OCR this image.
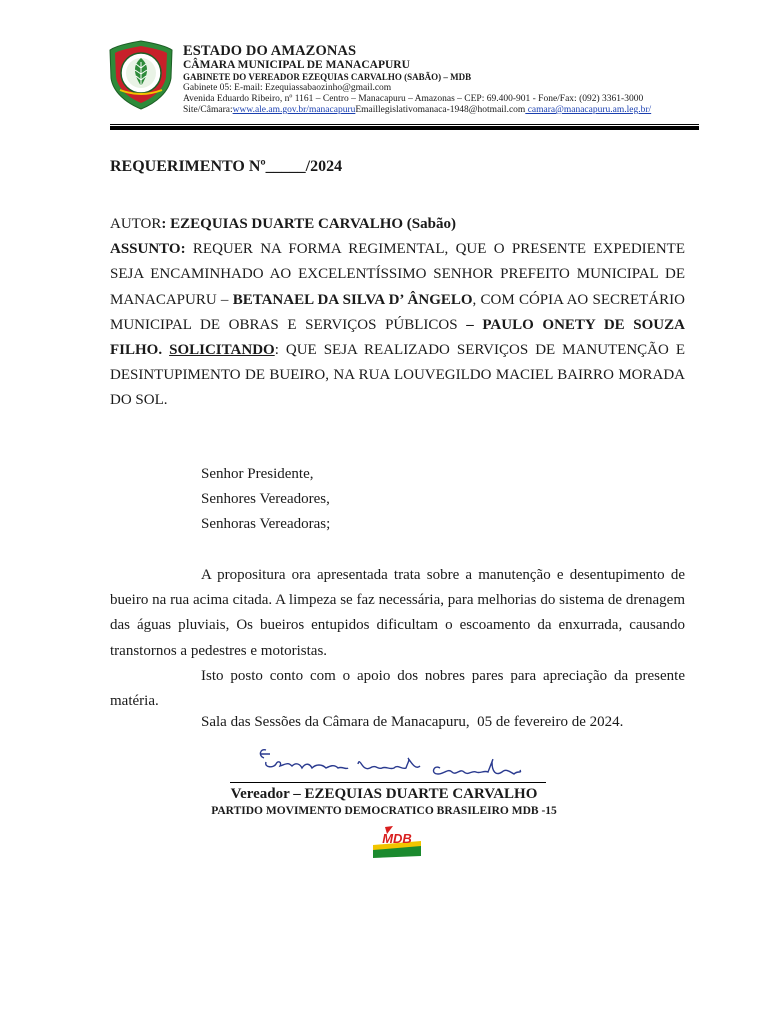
ESTADO DO AMAZONAS
CÂMARA MUNICIPAL DE MANACAPURU
GABINETE DO VEREADOR EZEQUIAS CARVALHO (SABÃO) – MDB
Gabinete 05: E-mail: Ezequiassabaozinho@gmail.com
Avenida Eduardo Ribeiro, nº 1161 – Centro – Manacapuru – Amazonas – CEP: 69.400-901 - Fone/Fax: (092) 3361-3000
Site/Câmara:www.ale.am.gov.br/manacapuruEmaillegislativomanaca-1948@hotmail.com camara@manacapuru.am.leg.br/
REQUERIMENTO Nº_____/2024
AUTOR: EZEQUIAS DUARTE CARVALHO (Sabão)
ASSUNTO: REQUER NA FORMA REGIMENTAL, QUE O PRESENTE EXPEDIENTE SEJA ENCAMINHADO AO EXCELENTÍSSIMO SENHOR PREFEITO MUNICIPAL DE MANACAPURU – BETANAEL DA SILVA D’ ÂNGELO, COM CÓPIA AO SECRETÁRIO MUNICIPAL DE OBRAS E SERVIÇOS PÚBLICOS – PAULO ONETY DE SOUZA FILHO. SOLICITANDO: QUE SEJA REALIZADO SERVIÇOS DE MANUTENÇÃO E DESINTUPIMENTO DE BUEIRO, NA RUA LOUVEGILDO MACIEL BAIRRO MORADA DO SOL.
Senhor Presidente,
Senhores Vereadores,
Senhoras Vereadoras;
A propositura ora apresentada trata sobre a manutenção e desentupimento de bueiro na rua acima citada. A limpeza se faz necessária, para melhorias do sistema de drenagem das águas pluviais, Os bueiros entupidos dificultam o escoamento da enxurrada, causando transtornos a pedestres e motoristas.
Isto posto conto com o apoio dos nobres pares para apreciação da presente matéria.
Sala das Sessões da Câmara de Manacapuru,  05 de fevereiro de 2024.
Vereador – EZEQUIAS DUARTE CARVALHO
PARTIDO MOVIMENTO DEMOCRATICO BRASILEIRO MDB -15
MDB
